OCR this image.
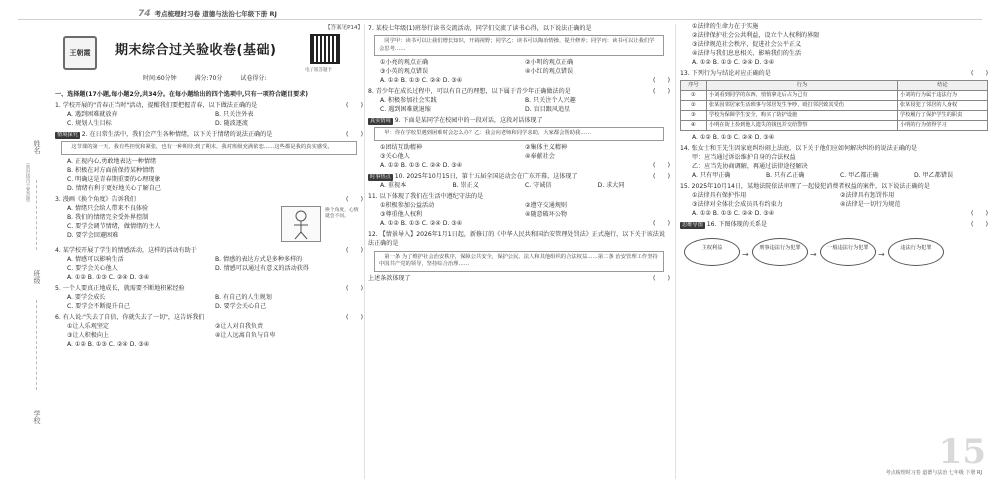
74 考点梳理时习卷 道德与法治七年级下册 RJ
姓名
（密封线内不要答题）
班级
学校
【答案见P14】
王朝霞	期末综合过关验收卷(基础)
电子版答题卡
时间:60分钟	满分:70分	试卷得分:
一、选择题(17小题,每小题2分,共34分。在每小题给出的四个选项中,只有一项符合题目要求)
1. 学校开展的"青春正当时"活动，提醒我们要把握青春，以下做法正确的是	(　　)
A. 遇到困难就放弃	B. 只关注外表
C. 规划人生目标	D. 随波逐流
情境探究 2. 在日常生活中，我们会产生各种情绪，以下关于情绪的说法正确的是	(　　)

这节课的第一天，我有些担忧和紧张，也有一种期待;到了期末，我对班级充满依恋……这些都是我的真实感受。

A. 正视内心,勇敢地表达一种情绪
B. 积极在对方面前保持某种情绪
C. 明确这是青春期重要的心理现象
D. 情绪有利于更好地关心了解自己
3. 漫画《换个角度》告诉我们	(　　)
A. 情绪只会给人带来不良体验
B. 我们的情绪完全受外界控制
C. 要学会调节情绪，做情绪的主人
D. 要学会回避困难
换个角度，心情就会不同。
4. 某学校开展了学生的情感活动，这样的活动有助于	(　　)
A. 情感可以影响生活	B. 情感的表达方式是多种多样的
C. 要学会关心他人	D. 情感可以通过有意义的活动获得
A. ①② B. ①③ C. ②④ D. ③④
5. 一个人要真正地成长，就需要不断地积累经验	(　　)
A. 要学会成长	B. 有自己的人生规划
C. 要学会不断提升自己	D. 要学会关心自己
6. 有人说:"失去了自信，你就失去了一切"，这告诉我们	(　　)
①让人乐观坚定	②让人对自我负责
③让人积极向上	④让人远离自负与自卑
A. ①② B. ①③ C. ②④ D. ③④
7. 某校七年级(1)班举行读书交流活动，同学们交流了读书心得，以下说法正确的是

同学甲：读书可以让我们增长知识，开阔视野；同学乙：读书可以陶冶情操，提升修养；同学丙：读书可以让我们学会思考……

①小亮的观点正确	②小明的观点正确
③小英的观点错误	④小红的观点错误
A. ①② B. ①③ C. ②④ D. ③④	(　　)
8. 青少年在成长过程中，可以有自己的理想，以下属于青少年正确做法的是	(　　)
A. 积极参加社会实践	B. 只关注个人兴趣
C. 遇到困难就退缩	D. 盲目跟风追星
真实情境 9. 下面是某同学在校园中的一段对话，这段对话体现了

甲：你在学校里遇到困难时会怎么办？乙：我会向老师和同学求助，大家都会帮助我……

①团结互助精神	②集体主义精神
③关心他人	④奉献社会
A. ①② B. ①③ C. ②④ D. ③④	(　　)
时事热点 10. 2025年10月15日，第十五届全国运动会在广东开幕，这体现了	(　　)
A. 重视本	B. 崇正义	C. 守诚信	D. 求大同
11. 以下体现了我们在生活中遵纪守法的是
①积极参加公益活动	②遵守交通规则
③尊重他人权利	④随意破坏公物
A. ①② B. ①③ C. ②④ D. ③④	(　　)
12. 【情景导入】2026年1月1日起，新修订的《中华人民共和国治安管理处罚法》正式施行，以下关于该法说法正确的是

第一条 为了维护社会治安秩序，保障公共安全，保护公民、法人和其他组织的合法权益……第二条 治安管理工作坚持中国共产党的领导，坚持综合治理……

上述条款体现了	(　　)
①法律的生命力在于实施
②法律保护社会公共利益，设立个人权利的界限
③法律规范社会秩序，促进社会公平正义
④法律与我们息息相关，影响我们的生活
A. ①② B. ①③ C. ②④ D. ③④
13. 下列行为与结论对应正确的是	(　　)
序号	行为	结论
①	小刘看到同学的东西，悄悄拿走后占为己有	小刘的行为属于违法行为
②	张某因邻居家生活琐事与邻居发生争吵，殴打邻居致其受伤	张某侵犯了邻居的人身权
③	学校为保障学生安全，购买了防护设施	学校履行了保护学生的职责
④	小明在街上捡到他人遗失的钱包并交给警察	小明的行为值得学习
A. ①② B. ①③ C. ②④ D. ③④
14. 张女士和王先生因家庭纠纷闹上法庭，以下关于他们应如何解决纠纷的说法正确的是
甲：应当通过诉讼维护自身的合法权益
乙：应当先协商调解，再通过法律途径解决
A. 只有甲正确	B. 只有乙正确	C. 甲乙都正确	D. 甲乙都错误
15. 2025年10月14日，某地法院依法审理了一起侵犯消费者权益的案件，以下说法正确的是
①法律具有保护作用	②法律具有惩罚作用
③法律对全体社会成员具有约束力	④法律是一切行为规范
A. ①② B. ①③ C. ②④ D. ③④	(　　)
思维导图 16. 下图体现的关系是	(　　)
主权利益
→
刑事违法行为犯罪
→
一般违法行为犯罪
→
违法行为犯罪
15
考点梳理时习卷 道德与法治 七年级 下册 RJ
